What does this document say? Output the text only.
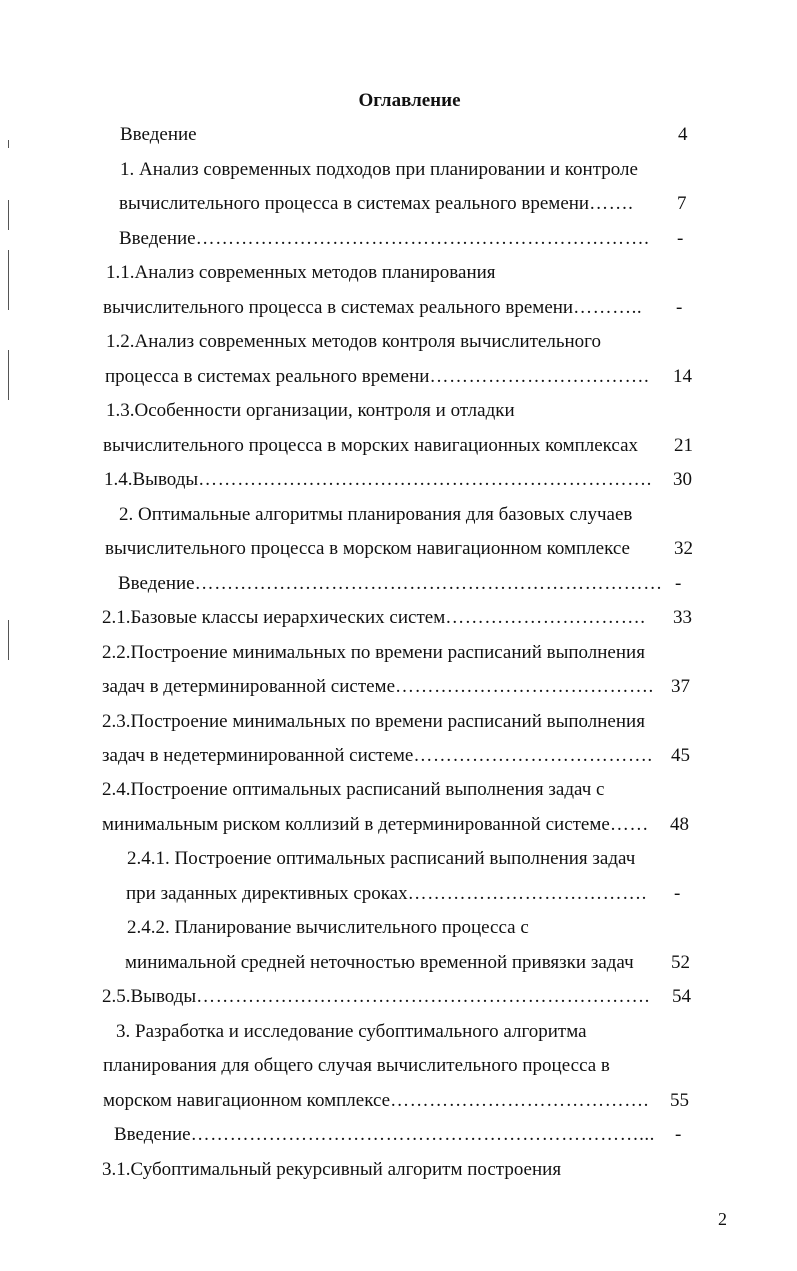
Оглавление
Введение	4
1. Анализ современных подходов при планировании и контроле
вычислительного процесса в системах реального времени …….	7
Введение …………………………………………………………….	-
1.1.Анализ современных методов планирования
вычислительного процесса в системах реального времени ………..	-
1.2.Анализ современных методов контроля вычислительного
процесса в системах реального времени …………………………….	14
1.3.Особенности организации, контроля и отладки
вычислительного процесса в морских навигационных комплексах 21
1.4.Выводы …………………………………………………………….	30
2. Оптимальные алгоритмы планирования для базовых случаев
вычислительного процесса в морском навигационном комплексе 32
Введение ……………………………………………………………… -
2.1.Базовые классы иерархических систем ………………………….	33
2.2.Построение минимальных по времени расписаний выполнения
задач в детерминированной системе …………………………………. 37
2.3.Построение минимальных по времени расписаний выполнения
задач в недетерминированной системе ………………………………. 45
2.4.Построение оптимальных расписаний выполнения задач с
минимальным риском коллизий в детерминированной системе ……	48
2.4.1. Построение оптимальных расписаний выполнения задач
при заданных директивных сроках ……………………………….	-
2.4.2. Планирование вычислительного процесса с
минимальной средней неточностью временной привязки задач 52
2.5.Выводы …………………………………………………………….	54
3. Разработка и исследование субоптимального алгоритма
планирования для общего случая вычислительного процесса в
морском навигационном комплексе ………………………………….	55
Введение ……………………………………………………………...	-
3.1.Субоптимальный рекурсивный алгоритм построения
2
